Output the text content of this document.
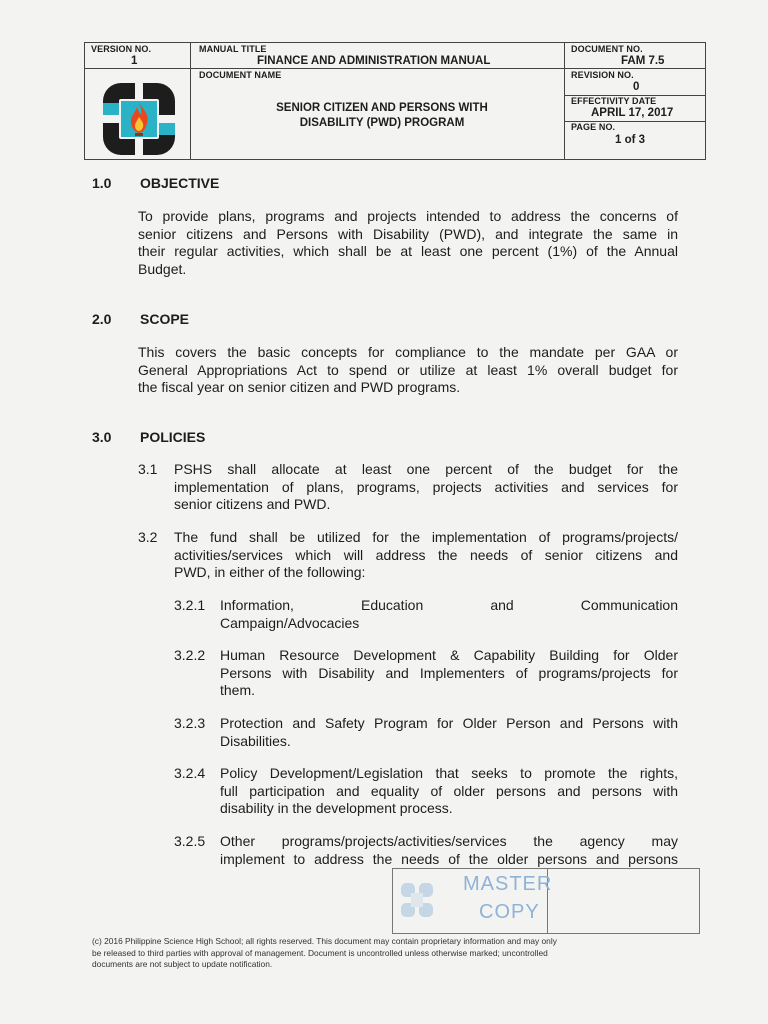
VERSION NO.
1
MANUAL TITLE
FINANCE AND ADMINISTRATION MANUAL
DOCUMENT NAME
SENIOR CITIZEN AND PERSONS WITH
DISABILITY (PWD) PROGRAM
DOCUMENT NO.
FAM 7.5
REVISION NO.
0
EFFECTIVITY DATE
APRIL 17, 2017
PAGE NO.
1 of 3
1.0 OBJECTIVE
To provide plans, programs and projects intended to address the concerns of
senior citizens and Persons with Disability (PWD), and integrate the same in
their regular activities, which shall be at least one percent (1%) of the Annual
Budget.
2.0 SCOPE
This covers the basic concepts for compliance to the mandate per GAA or
General Appropriations Act to spend or utilize at least 1% overall budget for
the fiscal year on senior citizen and PWD programs.
3.0 POLICIES
3.1 PSHS shall allocate at least one percent of the budget for the
implementation of plans, programs, projects activities and services for
senior citizens and PWD.
3.2 The fund shall be utilized for the implementation of programs/projects/
activities/services which will address the needs of senior citizens and
PWD, in either of the following:
3.2.1 Information, Education and Communication
Campaign/Advocacies
3.2.2 Human Resource Development & Capability Building for Older
Persons with Disability and Implementers of programs/projects for
them.
3.2.3 Protection and Safety Program for Older Person and Persons with
Disabilities.
3.2.4 Policy Development/Legislation that seeks to promote the rights,
full participation and equality of older persons and persons with
disability in the development process.
3.2.5 Other programs/projects/activities/services the agency may
implement to address the needs of the older persons and persons
MASTER
COPY
(c) 2016 Philippine Science High School; all rights reserved. This document may contain proprietary information and may only
be released to third parties with approval of management. Document is uncontrolled unless otherwise marked; uncontrolled
documents are not subject to update notification.
